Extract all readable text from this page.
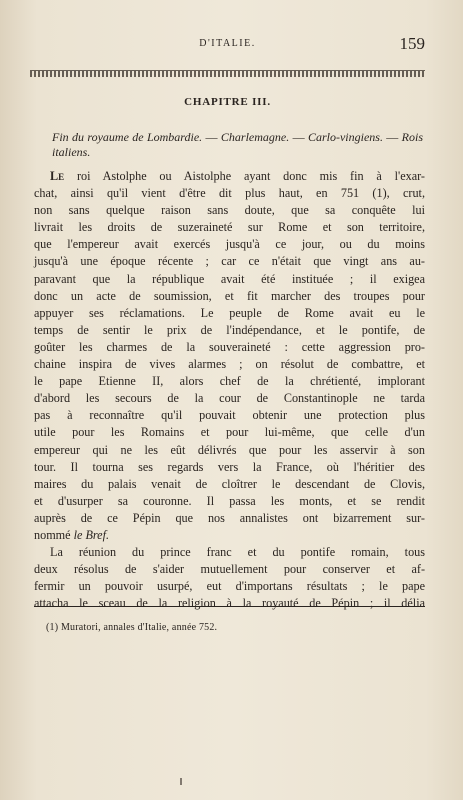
D'ITALIE.	159
CHAPITRE III.
Fin du royaume de Lombardie. — Charlemagne. — Carlo-vingiens. — Rois italiens.
Le roi Astolphe ou Aistolphe ayant donc mis fin à l'exar-
chat, ainsi qu'il vient d'être dit plus haut, en 751 (1), crut,
non sans quelque raison sans doute, que sa conquête lui
livrait les droits de suzeraineté sur Rome et son territoire,
que l'empereur avait exercés jusqu'à ce jour, ou du moins
jusqu'à une époque récente ; car ce n'était que vingt ans au-
paravant que la république avait été instituée ; il exigea
donc un acte de soumission, et fit marcher des troupes pour
appuyer ses réclamations. Le peuple de Rome avait eu le
temps de sentir le prix de l'indépendance, et le pontife, de
goûter les charmes de la souveraineté : cette aggression pro-
chaine inspira de vives alarmes ; on résolut de combattre, et
le pape Etienne II, alors chef de la chrétienté, implorant
d'abord les secours de la cour de Constantinople ne tarda
pas à reconnaître qu'il pouvait obtenir une protection plus
utile pour les Romains et pour lui-même, que celle d'un
empereur qui ne les eût délivrés que pour les asservir à son
tour. Il tourna ses regards vers la France, où l'héritier des
maires du palais venait de cloîtrer le descendant de Clovis,
et d'usurper sa couronne. Il passa les monts, et se rendit
auprès de ce Pépin que nos annalistes ont bizarrement sur-
nommé le Bref.
La réunion du prince franc et du pontife romain, tous
deux résolus de s'aider mutuellement pour conserver et af-
fermir un pouvoir usurpé, eut d'importans résultats ; le pape
attacha le sceau de la religion à la royauté de Pépin ; il délia
(1) Muratori, annales d'Italie, année 752.
